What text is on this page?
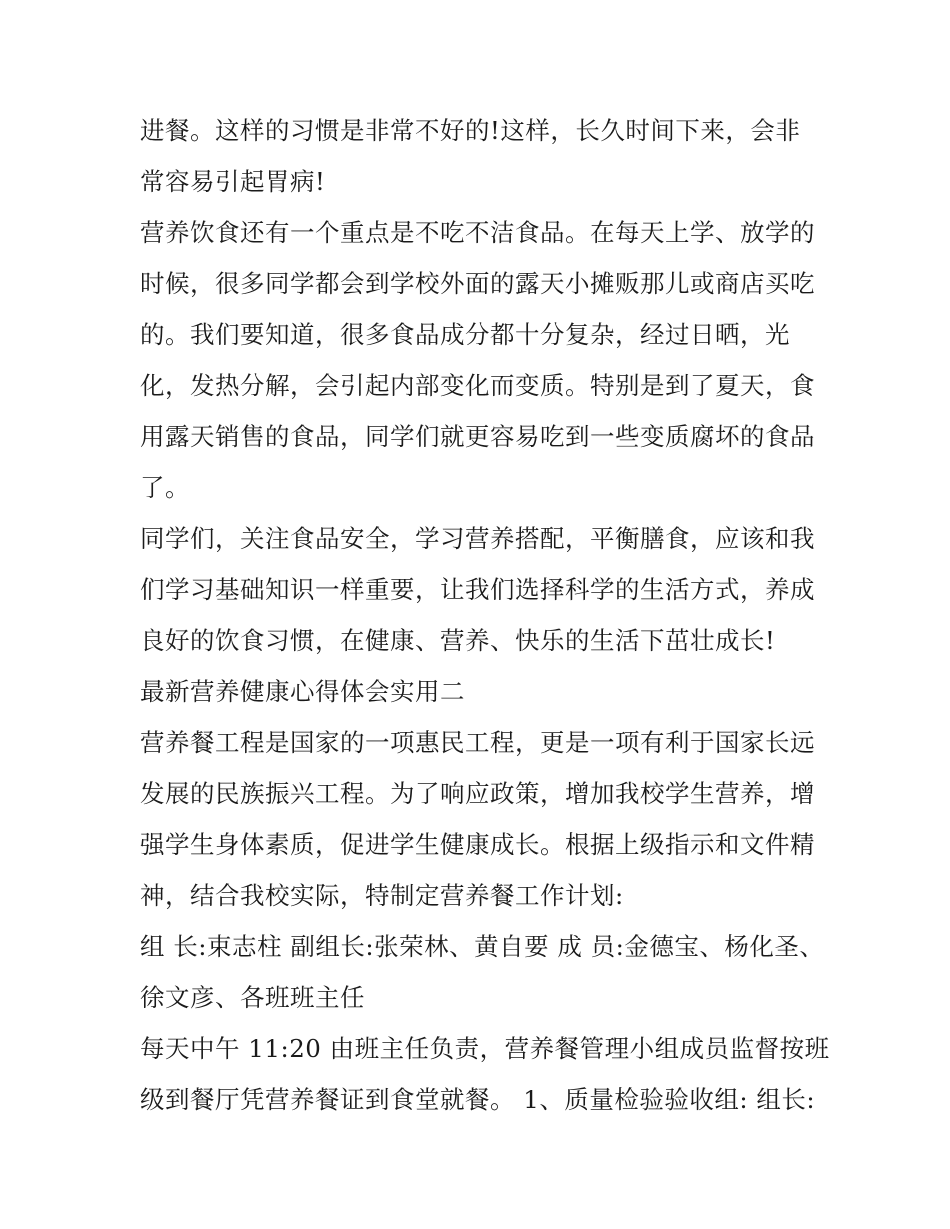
进餐。这样的习惯是非常不好的!这样，长久时间下来，会非
常容易引起胃病!
营养饮食还有一个重点是不吃不洁食品。在每天上学、放学的
时候，很多同学都会到学校外面的露天小摊贩那儿或商店买吃
的。我们要知道，很多食品成分都十分复杂，经过日晒，光
化，发热分解，会引起内部变化而变质。特别是到了夏天，食
用露天销售的食品，同学们就更容易吃到一些变质腐坏的食品
了。
同学们，关注食品安全，学习营养搭配，平衡膳食，应该和我
们学习基础知识一样重要，让我们选择科学的生活方式，养成
良好的饮食习惯，在健康、营养、快乐的生活下茁壮成长!
最新营养健康心得体会实用二
营养餐工程是国家的一项惠民工程，更是一项有利于国家长远
发展的民族振兴工程。为了响应政策，增加我校学生营养，增
强学生身体素质，促进学生健康成长。根据上级指示和文件精
神，结合我校实际，特制定营养餐工作计划:
组 长:束志柱 副组长:张荣林、黄自要 成 员:金德宝、杨化圣、
徐文彦、各班班主任
每天中午 11:20 由班主任负责，营养餐管理小组成员监督按班
级到餐厅凭营养餐证到食堂就餐。 1、质量检验验收组: 组长:
